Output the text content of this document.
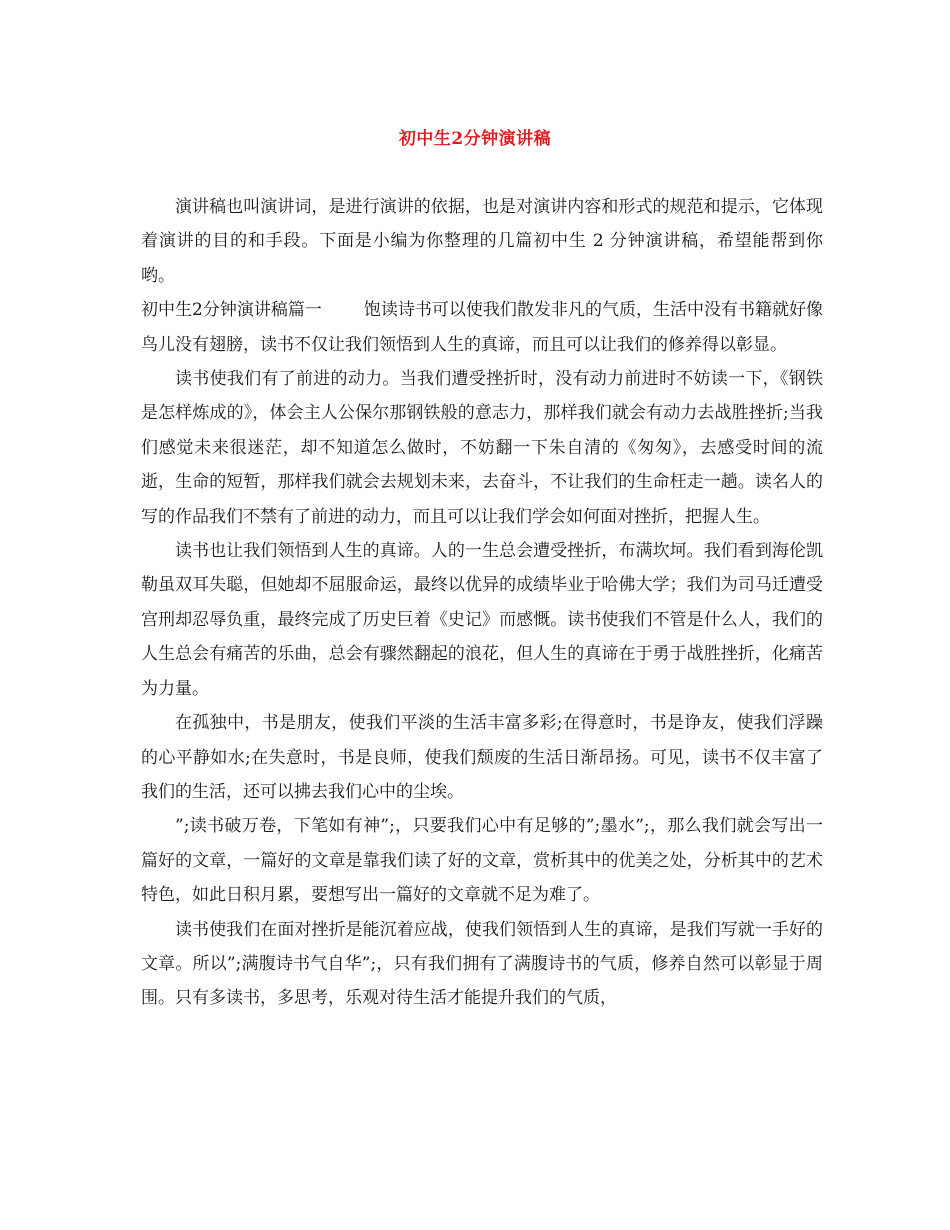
初中生2分钟演讲稿

演讲稿也叫演讲词，是进行演讲的依据，也是对演讲内容和形式的规范和提示，它体现着演讲的目的和手段。下面是小编为你整理的几篇初中生 2 分钟演讲稿，希望能帮到你哟。

初中生2分钟演讲稿篇一 饱读诗书可以使我们散发非凡的气质，生活中没有书籍就好像鸟儿没有翅膀，读书不仅让我们领悟到人生的真谛，而且可以让我们的修养得以彰显。

读书使我们有了前进的动力。当我们遭受挫折时，没有动力前进时不妨读一下，《钢铁是怎样炼成的》，体会主人公保尔那钢铁般的意志力，那样我们就会有动力去战胜挫折;当我们感觉未来很迷茫，却不知道怎么做时，不妨翻一下朱自清的《匆匆》，去感受时间的流逝，生命的短暂，那样我们就会去规划未来，去奋斗，不让我们的生命枉走一趟。读名人的写的作品我们不禁有了前进的动力，而且可以让我们学会如何面对挫折，把握人生。

读书也让我们领悟到人生的真谛。人的一生总会遭受挫折，布满坎坷。我们看到海伦凯勒虽双耳失聪，但她却不屈服命运，最终以优异的成绩毕业于哈佛大学；我们为司马迁遭受宫刑却忍辱负重，最终完成了历史巨着《史记》而感慨。读书使我们不管是什么人，我们的人生总会有痛苦的乐曲，总会有骤然翻起的浪花，但人生的真谛在于勇于战胜挫折，化痛苦为力量。

在孤独中，书是朋友，使我们平淡的生活丰富多彩;在得意时，书是诤友，使我们浮躁的心平静如水;在失意时，书是良师，使我们颓废的生活日渐昂扬。可见，读书不仅丰富了我们的生活，还可以拂去我们心中的尘埃。

”;读书破万卷，下笔如有神”;，只要我们心中有足够的”;墨水”;，那么我们就会写出一篇好的文章，一篇好的文章是靠我们读了好的文章，赏析其中的优美之处，分析其中的艺术特色，如此日积月累，要想写出一篇好的文章就不足为难了。

读书使我们在面对挫折是能沉着应战，使我们领悟到人生的真谛，是我们写就一手好的文章。所以”;满腹诗书气自华”;，只有我们拥有了满腹诗书的气质，修养自然可以彰显于周围。只有多读书，多思考，乐观对待生活才能提升我们的气质，
